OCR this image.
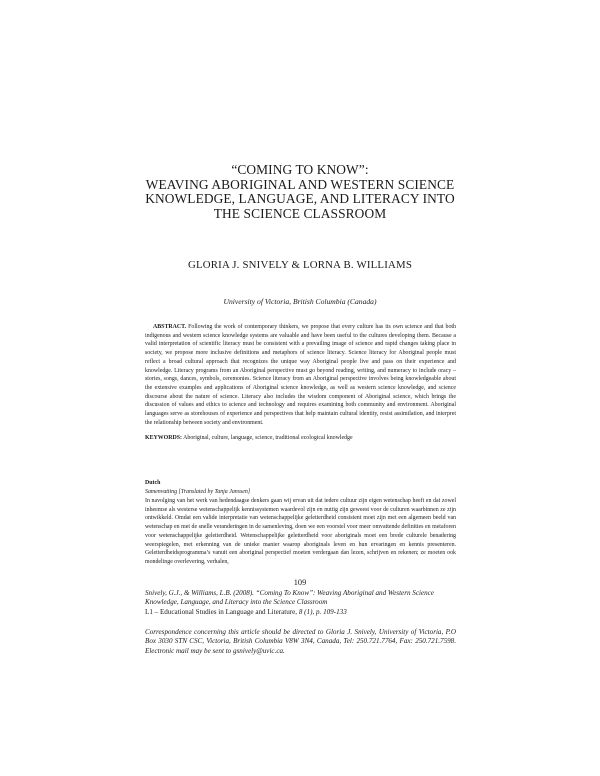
“COMING TO KNOW”:
WEAVING ABORIGINAL AND WESTERN SCIENCE
KNOWLEDGE, LANGUAGE, AND LITERACY INTO
THE SCIENCE CLASSROOM
GLORIA J. SNIVELY & LORNA B. WILLIAMS
University of Victoria, British Columbia (Canada)
ABSTRACT. Following the work of contemporary thinkers, we propose that every culture has its own science and that both indigenous and western science knowledge systems are valuable and have been useful to the cultures developing them. Because a valid interpretation of scientific literacy must be consistent with a prevailing image of science and rapid changes taking place in society, we propose more inclusive definitions and metaphors of science literacy. Science literacy for Aboriginal people must reflect a broad cultural approach that recognizes the unique way Aboriginal people live and pass on their experience and knowledge. Literacy programs from an Aboriginal perspective must go beyond reading, writing, and numeracy to include oracy – stories, songs, dances, symbols, ceremonies. Science literacy from an Aboriginal perspective involves being knowledgeable about the extensive examples and applications of Aboriginal science knowledge, as well as western science knowledge, and science discourse about the nature of science. Literacy also includes the wisdom component of Aboriginal science, which brings the discussion of values and ethics to science and technology and requires examining both community and environment. Aboriginal languages serve as storehouses of experience and perspectives that help maintain cultural identity, resist assimilation, and interpret the relationship between society and environment.
KEYWORDS: Aboriginal, culture, language, science, traditional ecological knowledge
Dutch
Samenvatting [Translated by Tanja Janssen]
In navolging van het werk van hedendaagse denkers gaan wij ervan uit dat iedere cultuur zijn eigen wetenschap heeft en dat zowel inheemse als westerse wetenschappelijk kennissystemen waardevol zijn en nuttig zijn geweest voor de culturen waarbinnen ze zijn ontwikkeld. Omdat een valide interpretatie van wetenschappelijke geletterdheid consistent moet zijn met een algemeen beeld van wetenschap en met de snelle veranderingen in de samenleving, doen we een voorstel voor meer omvattende definities en metaforen voor wetenschappelijke geletterdheid. Wetenschappelijke geletterdheid voor aboriginals moet een brede culturele benadering weerspiegelen, met erkenning van de unieke manier waarop aboriginals leven en hun ervaringen en kennis presenteren. Geletterdheidsprogramma’s vanuit een aboriginal perspectief moeten verdergaan dan lezen, schrijven en rekenen; ze moeten ook mondelinge overlevering, verhalen,
109
Snively, G.J., & Williams, L.B. (2008). “Coming To Know”: Weaving Aboriginal and Western Science Knowledge, Language, and Literacy into the Science Classroom
L1 – Educational Studies in Language and Literature, 8 (1), p. 109-133
Correspondence concerning this article should be directed to Gloria J. Snively, University of Victoria, P.O Box 3030 STN CSC, Victoria, British Columbia V8W 3N4, Canada, Tel: 250.721.7764, Fax: 250.721.7598. Electronic mail may be sent to gsnively@uvic.ca.
